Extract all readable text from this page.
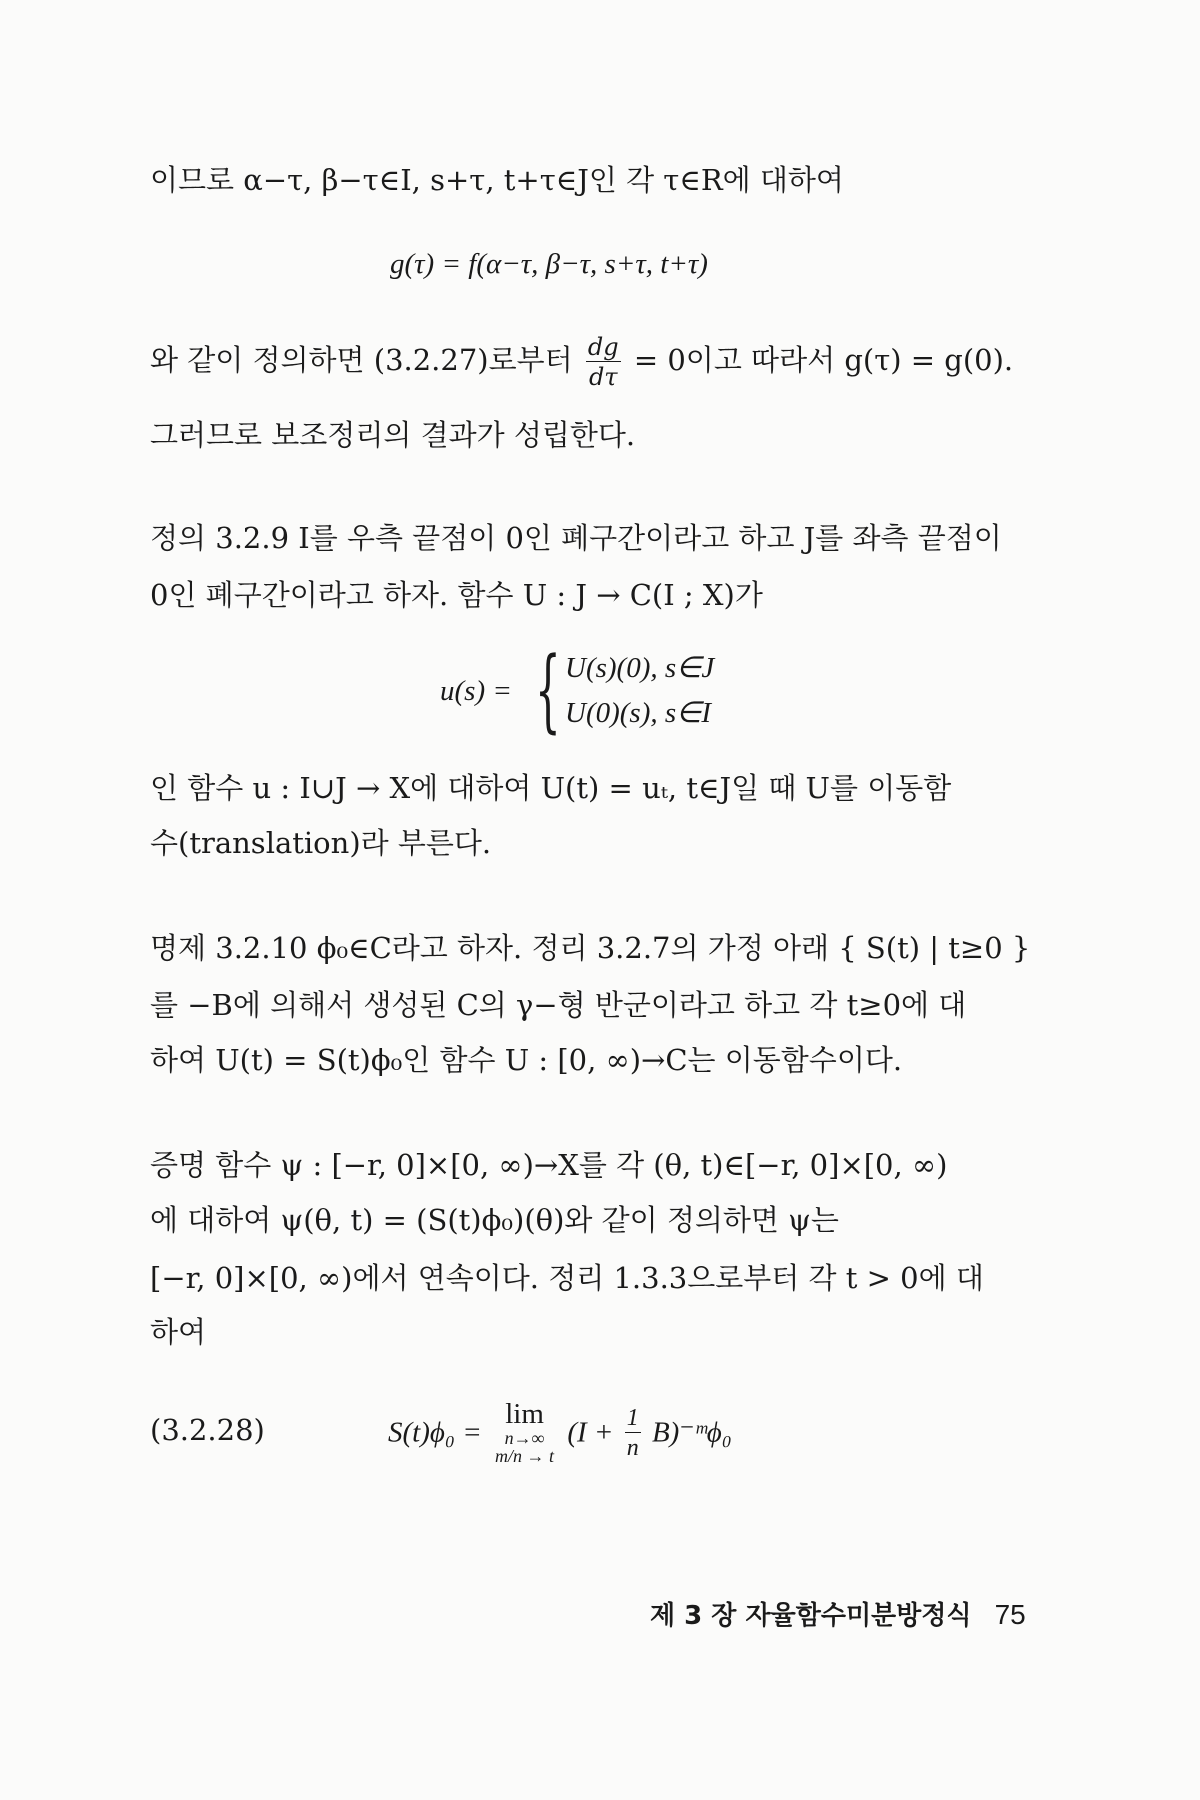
이므로 α−τ, β−τ∈I, s+τ, t+τ∈J인 각 τ∈R에 대하여
g(τ) = f(α−τ, β−τ, s+τ, t+τ)
와 같이 정의하면 (3.2.27)로부터 $\frac{dg}{d\tau} = 0$이고 따라서 g(τ) = g(0).
그러므로 보조정리의 결과가 성립한다.
정의 3.2.9 I를 우측 끝점이 0인 폐구간이라고 하고 J를 좌측 끝점이
0인 폐구간이라고 하자. 함수 U : J → C(I ; X)가
u(s) = { U(s)(0), s∈J
U(0)(s), s∈I
인 함수 u : I∪J → X에 대하여 U(t) = uₜ, t∈J일 때 U를 이동함
수(translation)라 부른다.
명제 3.2.10 ϕ₀∈C라고 하자. 정리 3.2.7의 가정 아래 { S(t) | t≥0 }
를 −B에 의해서 생성된 C의 γ−형 반군이라고 하고 각 t≥0에 대
하여 U(t) = S(t)ϕ₀인 함수 U : [0, ∞)→C는 이동함수이다.
증명 함수 ψ : [−r, 0]×[0, ∞)→X를 각 (θ, t)∈[−r, 0]×[0, ∞)
에 대하여 ψ(θ, t) = (S(t)ϕ₀)(θ)와 같이 정의하면 ψ는
[−r, 0]×[0, ∞)에서 연속이다. 정리 1.3.3으로부터 각 t > 0에 대
하여
(3.2.28)	S(t)ϕ₀ =
lim
n→∞
m/n → t
($I + \frac{1}{n}$ B)⁻ᵐϕ₀
제 3 장 자율함수미분방정식 75
